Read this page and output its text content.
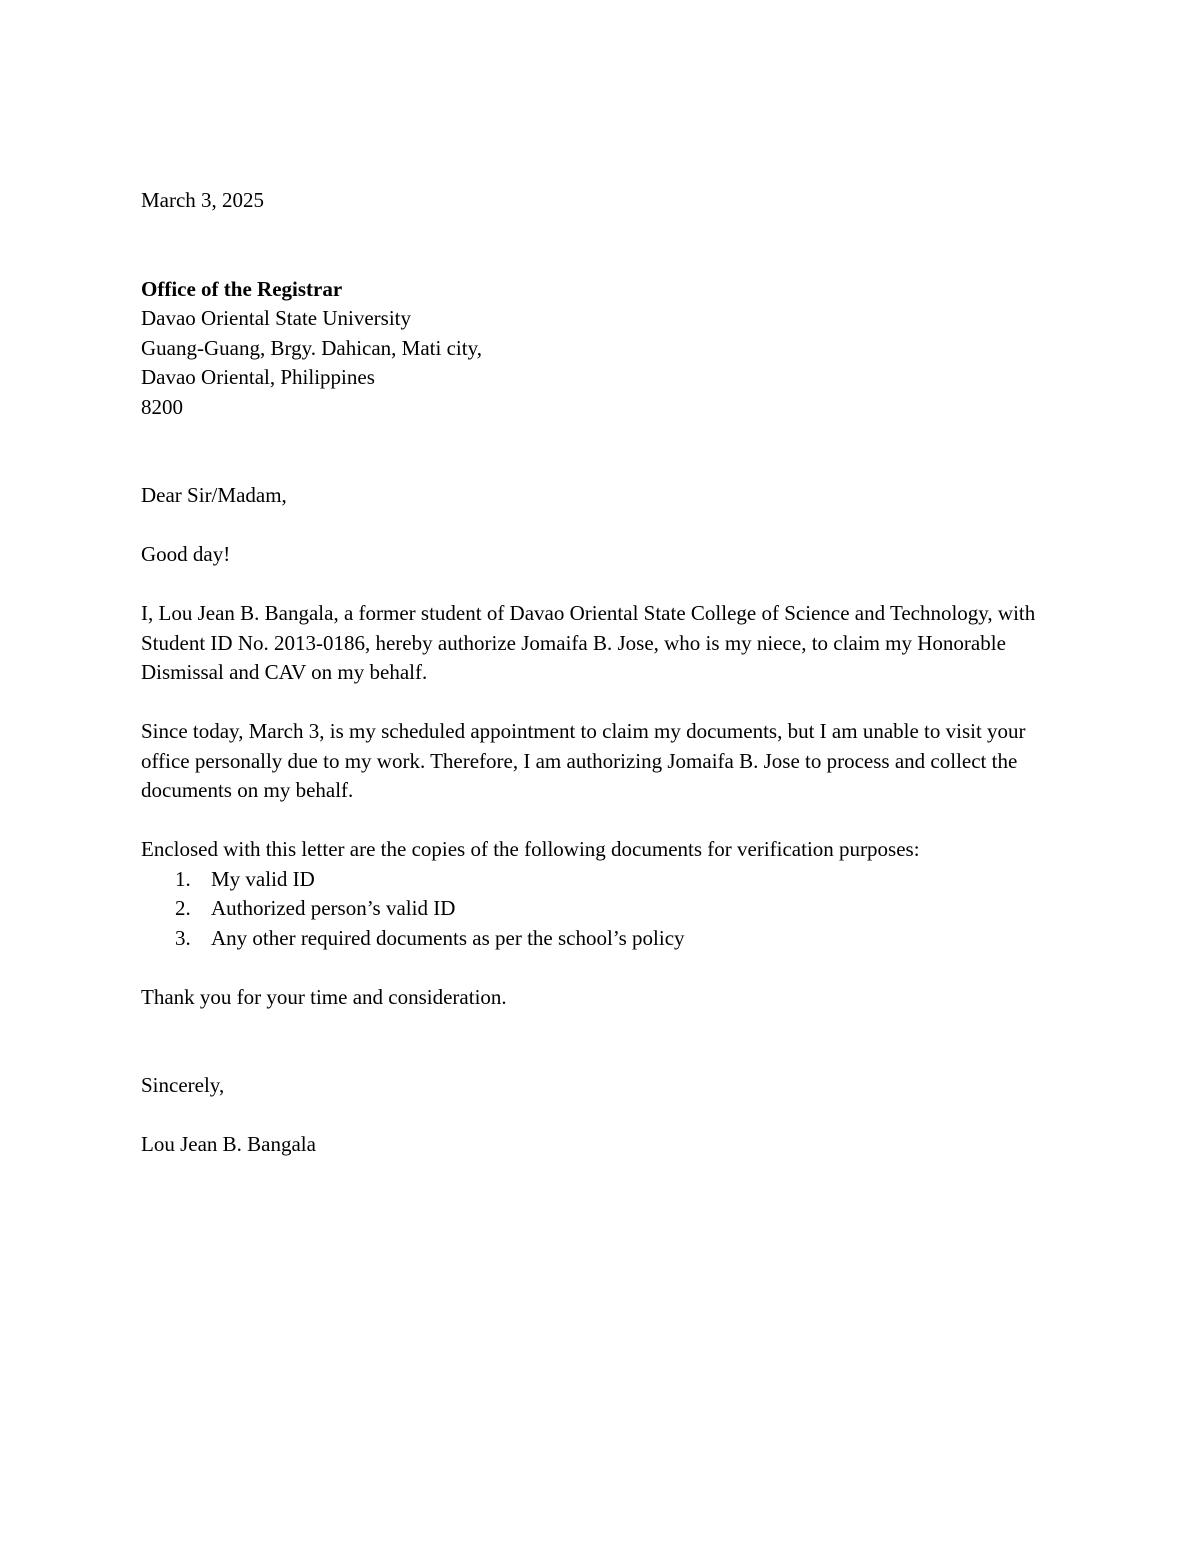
March 3, 2025

Office of the Registrar

Davao Oriental State University

Guang-Guang, Brgy. Dahican, Mati city,

Davao Oriental, Philippines

8200

Dear Sir/Madam,

Good day!

I, Lou Jean B. Bangala, a former student of Davao Oriental State College of Science and Technology, with Student ID No. 2013-0186, hereby authorize Jomaifa B. Jose, who is my niece, to claim my Honorable Dismissal and CAV on my behalf.

Since today, March 3, is my scheduled appointment to claim my documents, but I am unable to visit your office personally due to my work. Therefore, I am authorizing Jomaifa B. Jose to process and collect the documents on my behalf.

Enclosed with this letter are the copies of the following documents for verification purposes:

1. My valid ID
2. Authorized person’s valid ID
3. Any other required documents as per the school’s policy

Thank you for your time and consideration.

Sincerely,

Lou Jean B. Bangala
